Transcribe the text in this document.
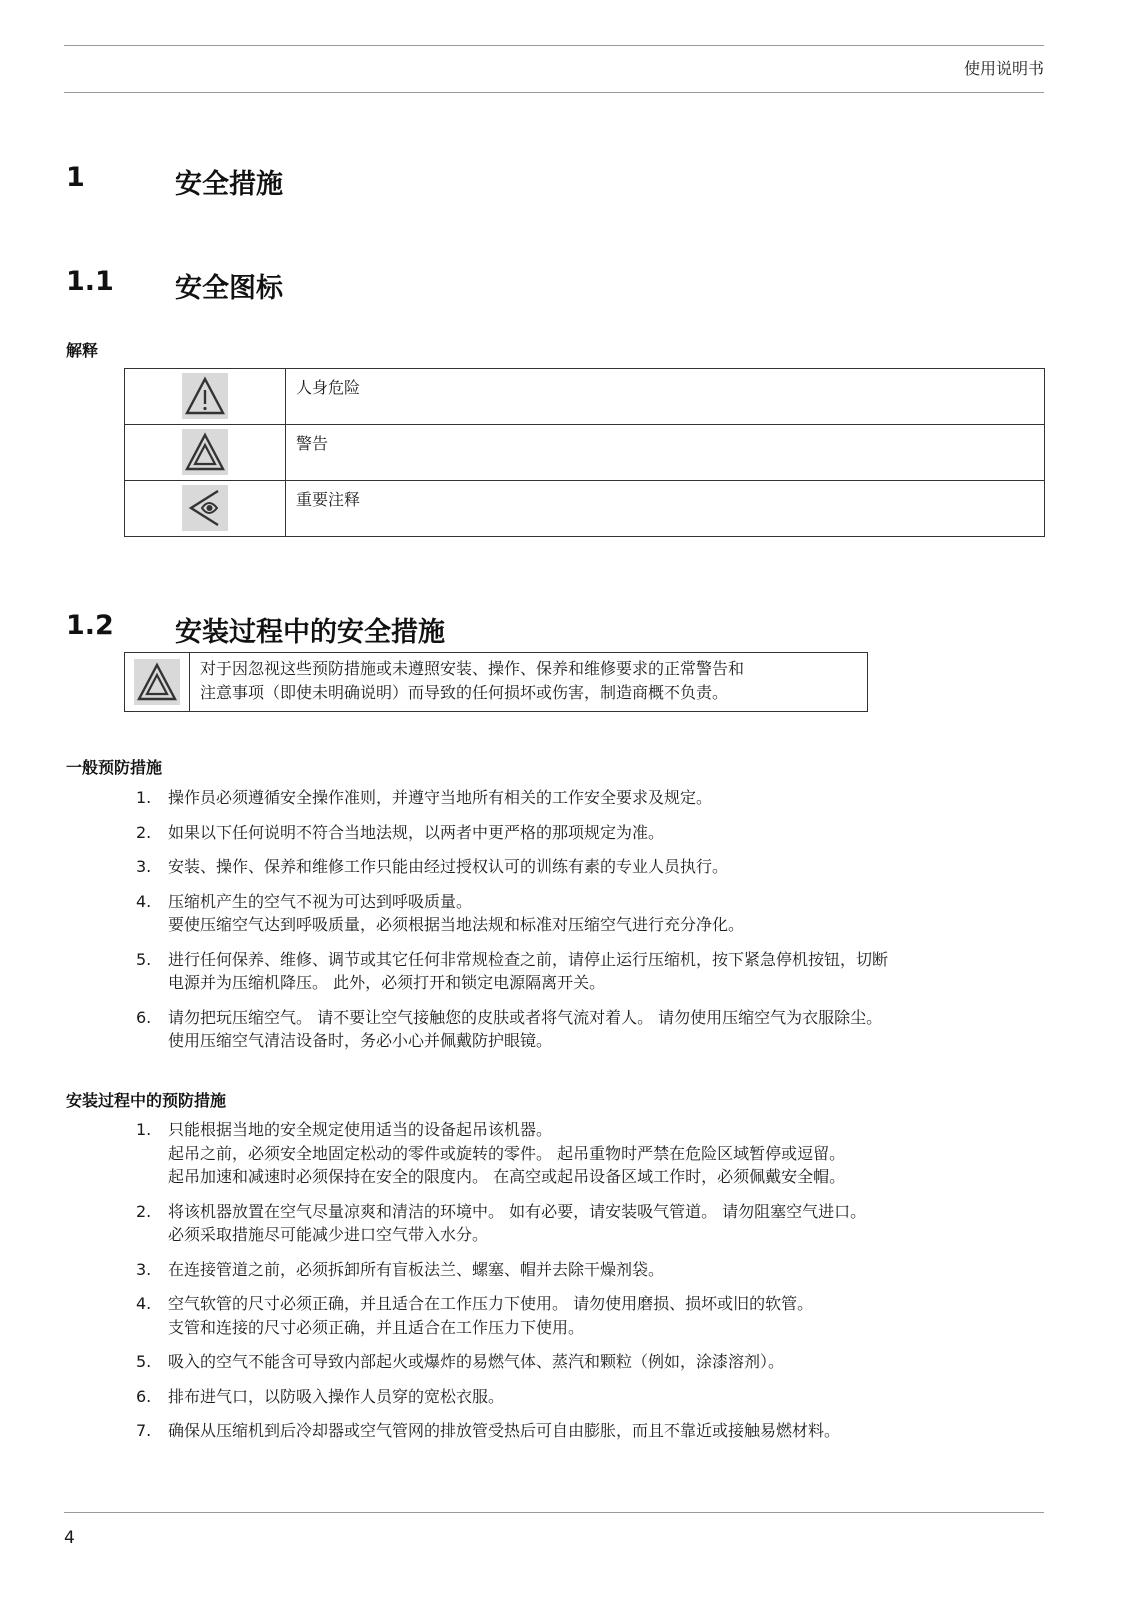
使用说明书
1	安全措施
1.1 安全图标
解释
	人身危险

	警告

	重要注释
1.2 安装过程中的安全措施
对于因忽视这些预防措施或未遵照安装、操作、保养和维修要求的正常警告和
注意事项（即使未明确说明）而导致的任何损坏或伤害，制造商概不负责。
一般预防措施
1. 操作员必须遵循安全操作准则，并遵守当地所有相关的工作安全要求及规定。
2. 如果以下任何说明不符合当地法规，以两者中更严格的那项规定为准。
3. 安装、操作、保养和维修工作只能由经过授权认可的训练有素的专业人员执行。
4. 压缩机产生的空气不视为可达到呼吸质量。
要使压缩空气达到呼吸质量，必须根据当地法规和标准对压缩空气进行充分净化。
5. 进行任何保养、维修、调节或其它任何非常规检查之前，请停止运行压缩机，按下紧急停机按钮，切断
电源并为压缩机降压。 此外，必须打开和锁定电源隔离开关。
6. 请勿把玩压缩空气。 请不要让空气接触您的皮肤或者将气流对着人。 请勿使用压缩空气为衣服除尘。
使用压缩空气清洁设备时，务必小心并佩戴防护眼镜。
安装过程中的预防措施
1. 只能根据当地的安全规定使用适当的设备起吊该机器。
起吊之前，必须安全地固定松动的零件或旋转的零件。 起吊重物时严禁在危险区域暂停或逗留。
起吊加速和减速时必须保持在安全的限度内。 在高空或起吊设备区域工作时，必须佩戴安全帽。
2. 将该机器放置在空气尽量凉爽和清洁的环境中。 如有必要，请安装吸气管道。 请勿阻塞空气进口。
必须采取措施尽可能减少进口空气带入水分。
3. 在连接管道之前，必须拆卸所有盲板法兰、螺塞、帽并去除干燥剂袋。
4. 空气软管的尺寸必须正确，并且适合在工作压力下使用。 请勿使用磨损、损坏或旧的软管。
支管和连接的尺寸必须正确，并且适合在工作压力下使用。
5. 吸入的空气不能含可导致内部起火或爆炸的易燃气体、蒸汽和颗粒（例如，涂漆溶剂）。
6. 排布进气口，以防吸入操作人员穿的宽松衣服。
7. 确保从压缩机到后冷却器或空气管网的排放管受热后可自由膨胀，而且不靠近或接触易燃材料。
4
